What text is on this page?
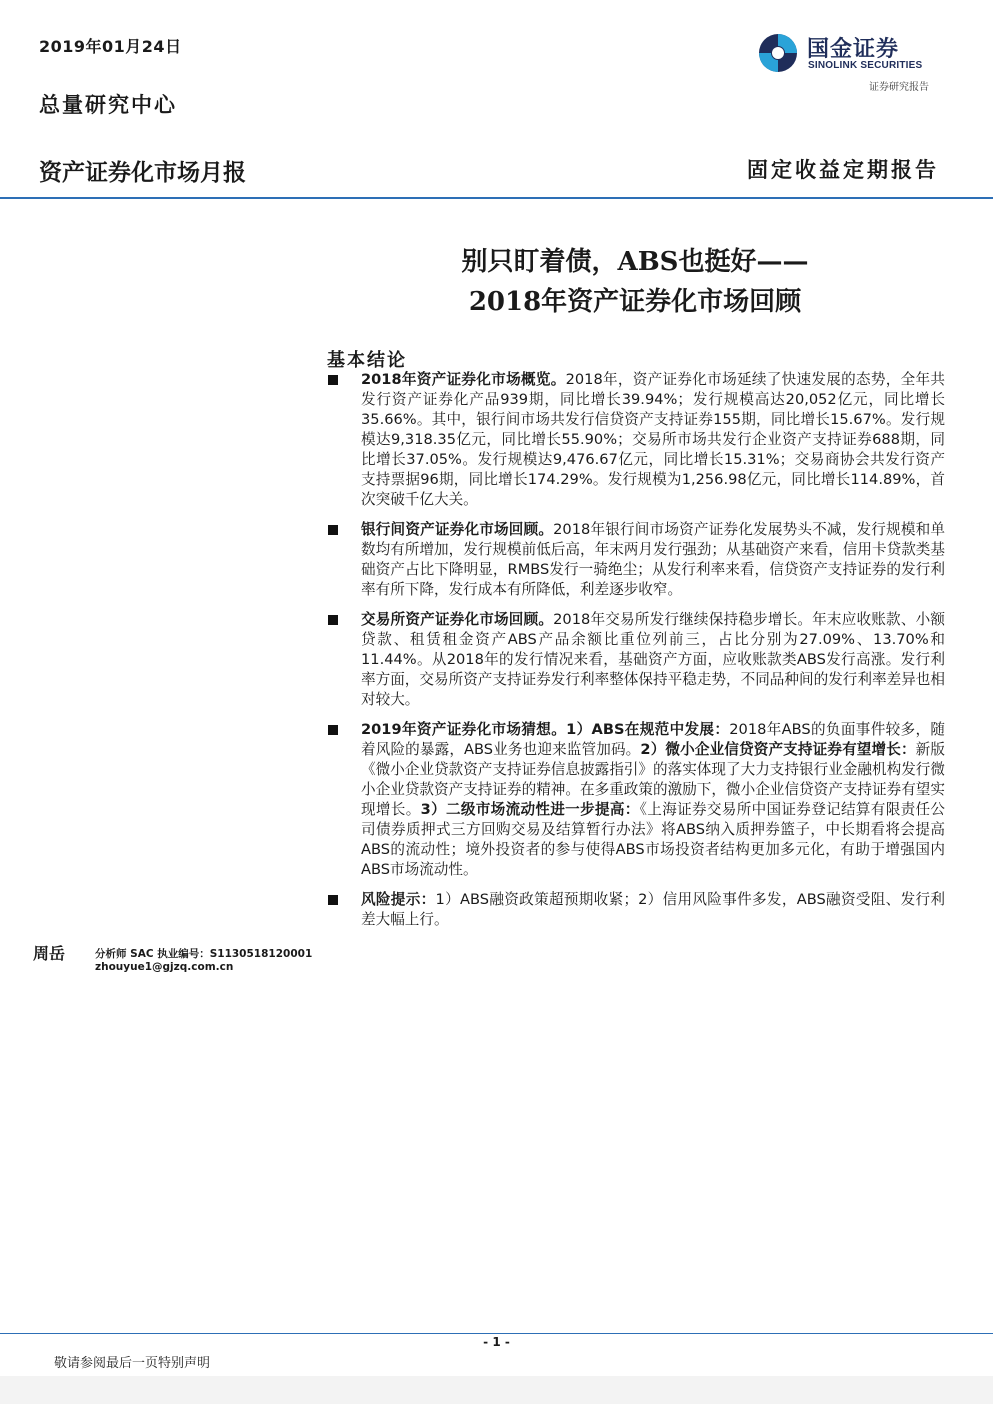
2019年01月24日
总量研究中心
国金证券
SINOLINK SECURITIES
证券研究报告
资产证券化市场月报	固定收益定期报告
别只盯着债，ABS也挺好——
2018年资产证券化市场回顾
基本结论
2018年资产证券化市场概览。2018年，资产证券化市场延续了快速发展的态势，全年共发行资产证券化产品939期，同比增长39.94%；发行规模高达20,052亿元，同比增长35.66%。其中，银行间市场共发行信贷资产支持证券155期，同比增长15.67%。发行规模达9,318.35亿元，同比增长55.90%；交易所市场共发行企业资产支持证券688期，同比增长37.05%。发行规模达9,476.67亿元，同比增长15.31%；交易商协会共发行资产支持票据96期，同比增长174.29%。发行规模为1,256.98亿元，同比增长114.89%，首次突破千亿大关。
银行间资产证券化市场回顾。2018年银行间市场资产证券化发展势头不减，发行规模和单数均有所增加，发行规模前低后高，年末两月发行强劲；从基础资产来看，信用卡贷款类基础资产占比下降明显，RMBS发行一骑绝尘；从发行利率来看，信贷资产支持证券的发行利率有所下降，发行成本有所降低，利差逐步收窄。
交易所资产证券化市场回顾。2018年交易所发行继续保持稳步增长。年末应收账款、小额贷款、租赁租金资产ABS产品余额比重位列前三，占比分别为27.09%、13.70%和11.44%。从2018年的发行情况来看，基础资产方面，应收账款类ABS发行高涨。发行利率方面，交易所资产支持证券发行利率整体保持平稳走势，不同品种间的发行利率差异也相对较大。
2019年资产证券化市场猜想。1）ABS在规范中发展：2018年ABS的负面事件较多，随着风险的暴露，ABS业务也迎来监管加码。2）微小企业信贷资产支持证券有望增长：新版《微小企业贷款资产支持证券信息披露指引》的落实体现了大力支持银行业金融机构发行微小企业贷款资产支持证券的精神。在多重政策的激励下，微小企业信贷资产支持证券有望实现增长。3）二级市场流动性进一步提高：《上海证券交易所中国证券登记结算有限责任公司债券质押式三方回购交易及结算暂行办法》将ABS纳入质押券篮子，中长期看将会提高ABS的流动性；境外投资者的参与使得ABS市场投资者结构更加多元化，有助于增强国内ABS市场流动性。
风险提示：1）ABS融资政策超预期收紧；2）信用风险事件多发，ABS融资受阻、发行利差大幅上行。
周岳	分析师 SAC 执业编号：S1130518120001
zhouyue1@gjzq.com.cn
- 1 -
敬请参阅最后一页特别声明
